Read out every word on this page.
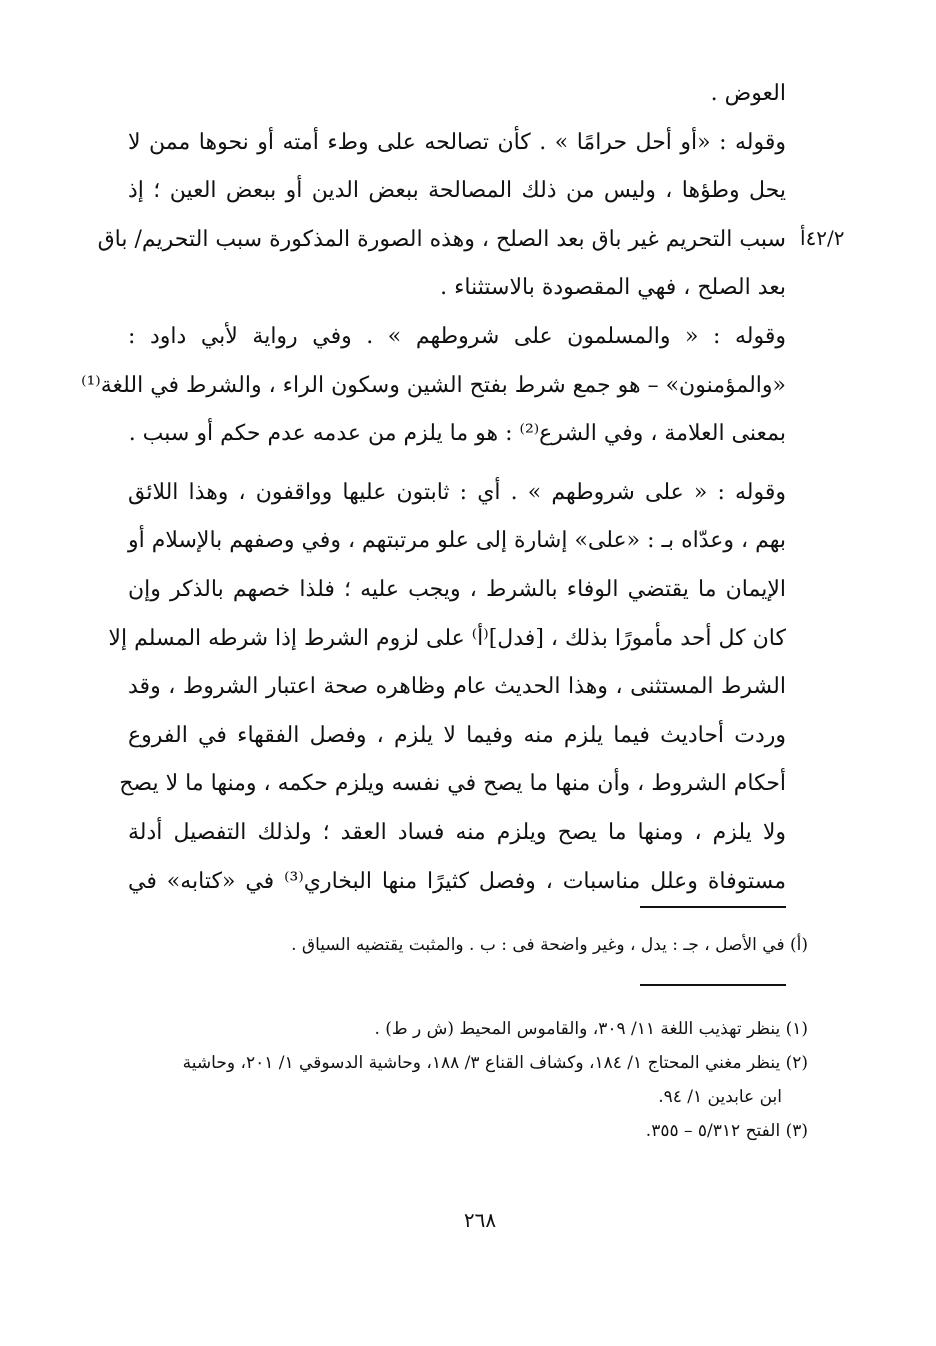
٤٢/٢أ
العوض .
وقوله : «أو أحل حرامًا » . كأن تصالحه على وطء أمته أو نحوها ممن لا
يحل وطؤها ، وليس من ذلك المصالحة ببعض الدين أو ببعض العين ؛ إذ
سبب التحريم غير باق بعد الصلح ، وهذه الصورة المذكورة سبب التحريم/ باق
بعد الصلح ، فهي المقصودة بالاستثناء .
وقوله : « والمسلمون على شروطهم » . وفي رواية لأبي داود :
«والمؤمنون» – هو جمع شرط بفتح الشين وسكون الراء ، والشرط في اللغة⁽¹⁾
بمعنى العلامة ، وفي الشرع⁽²⁾ : هو ما يلزم من عدمه عدم حكم أو سبب .
وقوله : « على شروطهم » . أي : ثابتون عليها وواقفون ، وهذا اللائق
بهم ، وعدّاه بـ : «على» إشارة إلى علو مرتبتهم ، وفي وصفهم بالإسلام أو
الإيمان ما يقتضي الوفاء بالشرط ، ويجب عليه ؛ فلذا خصهم بالذكر وإن
كان كل أحد مأمورًا بذلك ، [فدل]⁽أ⁾ على لزوم الشرط إذا شرطه المسلم إلا
الشرط المستثنى ، وهذا الحديث عام وظاهره صحة اعتبار الشروط ، وقد
وردت أحاديث فيما يلزم منه وفيما لا يلزم ، وفصل الفقهاء في الفروع
أحكام الشروط ، وأن منها ما يصح في نفسه ويلزم حكمه ، ومنها ما لا يصح
ولا يلزم ، ومنها ما يصح ويلزم منه فساد العقد ؛ ولذلك التفصيل أدلة
مستوفاة وعلل مناسبات ، وفصل كثيرًا منها البخاري⁽³⁾ في «كتابه» في
(أ) في الأصل ، جـ : يدل ، وغير واضحة فى : ب . والمثبت يقتضيه السياق .
(١) ينظر تهذيب اللغة ١١/ ٣٠٩، والقاموس المحيط (ش ر ط) .
(٢) ينظر مغني المحتاج ١/ ١٨٤، وكشاف القناع ٣/ ١٨٨، وحاشية الدسوقي ١/ ٢٠١، وحاشية
ابن عابدين ١/ ٩٤.
(٣) الفتح ٥/٣١٢ – ٣٥٥.
٢٦٨
